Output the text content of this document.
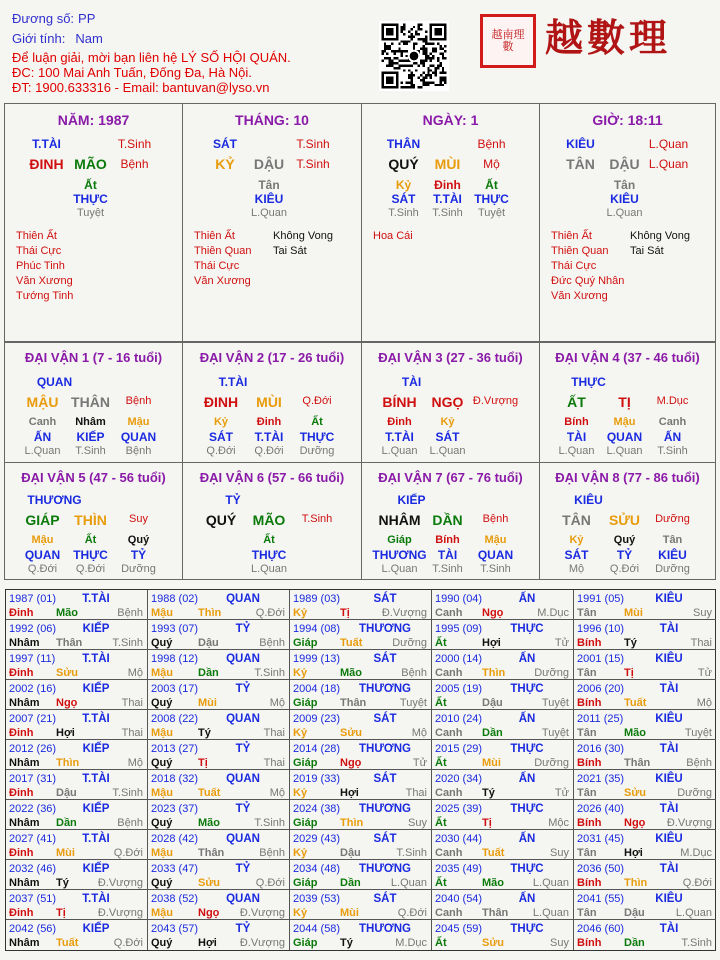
Đương số: PP
Giới tính: Nam
Để luận giải, mời bạn liên hệ LÝ SỐ HỘI QUÁN.
ĐC: 100 Mai Anh Tuấn, Đống Đa, Hà Nội.
ĐT: 1900.633316 - Email: bantuvan@lyso.vn
越南理數 越數理
NĂM: 1987
T.TÀI	T.Sinh
ĐINH MÃO Bệnh
Ất
THỰC
Tuyệt
Thiên Ất
Thái Cực
Phúc Tinh
Văn Xương
Tướng Tinh
THÁNG: 10
SÁT	T.Sinh
KỶ DẬU T.Sinh
Tân
KIÊU
L.Quan
Thiên Ất
Thiên Quan
Thái Cực
Văn Xương
Không Vong
Tai Sát
NGÀY: 1
THÂN	Bệnh
QUÝ MÙI Mộ
Kỷ
SÁT
T.Sinh
Đinh
T.TÀI
T.Sinh
Ất
THỰC
Tuyệt
Hoa Cái
GIỜ: 18:11
KIÊU	L.Quan
TÂN DẬU L.Quan
Tân
KIÊU
L.Quan
Thiên Ất
Thiên Quan
Thái Cực
Đức Quý Nhân
Văn Xương
Không Vong
Tai Sát
ĐẠI VẬN 1 (7 - 16 tuổi)
QUAN
MẬU THÂN Bệnh
Canh
ẤN
L.Quan
Nhâm
KIẾP
T.Sinh
Mậu
QUAN
Bệnh
ĐẠI VẬN 2 (17 - 26 tuổi)
T.TÀI
ĐINH MÙI Q.Đới
Kỷ
SÁT
Q.Đới
Đinh
T.TÀI
Q.Đới
Ất
THỰC
Dưỡng
ĐẠI VẬN 3 (27 - 36 tuổi)
TÀI
BÍNH NGỌ Đ.Vượng
Đinh
T.TÀI
L.Quan
Kỷ
SÁT
L.Quan
ĐẠI VẬN 4 (37 - 46 tuổi)
THỰC
ẤT TỊ M.Dục
Bính
TÀI
L.Quan
Mậu
QUAN
L.Quan
Canh
ẤN
T.Sinh
ĐẠI VẬN 5 (47 - 56 tuổi)
THƯƠNG
GIÁP THÌN Suy
Mậu
QUAN
Q.Đới
Ất
THỰC
Q.Đới
Quý
TỶ
Dưỡng
ĐẠI VẬN 6 (57 - 66 tuổi)
TỶ
QUÝ MÃO T.Sinh
Ất
THỰC
L.Quan
ĐẠI VẬN 7 (67 - 76 tuổi)
KIẾP
NHÂM DẦN Bệnh
Giáp
THƯƠNG
L.Quan
Bính
TÀI
T.Sinh
Mậu
QUAN
T.Sinh
ĐẠI VẬN 8 (77 - 86 tuổi)
KIÊU
TÂN SỬU Dưỡng
Kỷ
SÁT
Mộ
Quý
TỶ
Q.Đới
Tân
KIÊU
Dưỡng
1987 (01) T.TÀI
Đinh Mão	Bệnh
1988 (02) QUAN
Mậu Thìn	Q.Đới
1989 (03)	SÁT
Kỷ	Tị	Đ.Vượng
1990 (04)	ẤN
Canh Ngọ	M.Dục
1991 (05)	KIÊU
Tân Mùi	Suy
1992 (06) KIẾP
Nhâm Thân	T.Sinh
1993 (07)	TỶ
Quý Dậu	Bệnh
1994 (08) THƯƠNG
Giáp Tuất	Dưỡng
1995 (09) THỰC
Ất	Hợi	Tử
1996 (10)	TÀI
Bính Tý	Thai
1997 (11) T.TÀI
Đinh Sửu	Mộ
1998 (12) QUAN
Mậu Dần	T.Sinh
1999 (13)	SÁT
Kỷ	Mão	Bệnh
2000 (14)	ẤN
Canh Thìn	Dưỡng
2001 (15)	KIÊU
Tân Tị	Tử
2002 (16) KIẾP
Nhâm Ngọ	Thai
2003 (17)	TỶ
Quý Mùi	Mộ
2004 (18) THƯƠNG
Giáp Thân	Tuyệt
2005 (19) THỰC
Ất	Dậu	Tuyệt
2006 (20)	TÀI
Bính Tuất	Mộ
2007 (21) T.TÀI
Đinh Hợi	Thai
2008 (22) QUAN
Mậu Tý	Thai
2009 (23)	SÁT
Kỷ	Sửu	Mộ
2010 (24)	ẤN
Canh Dần	Tuyệt
2011 (25)	KIÊU
Tân Mão	Tuyệt
2012 (26) KIẾP
Nhâm Thìn	Mộ
2013 (27)	TỶ
Quý Tị	Thai
2014 (28) THƯƠNG
Giáp Ngọ	Tử
2015 (29) THỰC
Ất	Mùi	Dưỡng
2016 (30)	TÀI
Bính Thân	Bệnh
2017 (31) T.TÀI
Đinh Dậu	T.Sinh
2018 (32) QUAN
Mậu Tuất	Mộ
2019 (33)	SÁT
Kỷ	Hợi	Thai
2020 (34)	ẤN
Canh Tý	Tử
2021 (35)	KIÊU
Tân Sửu	Dưỡng
2022 (36) KIẾP
Nhâm Dần	Bệnh
2023 (37)	TỶ
Quý Mão	T.Sinh
2024 (38) THƯƠNG
Giáp Thìn	Suy
2025 (39) THỰC
Ất	Tị	Mộc
2026 (40)	TÀI
Bính Ngọ Đ.Vượng
2027 (41) T.TÀI
Đinh Mùi	Q.Đới
2028 (42) QUAN
Mậu Thân	Bệnh
2029 (43)	SÁT
Kỷ	Dậu	T.Sinh
2030 (44)	ẤN
Canh Tuất	Suy
2031 (45)	KIÊU
Tân Hợi	M.Dục
2032 (46) KIẾP
Nhâm Tý	Đ.Vượng
2033 (47)	TỶ
Quý Sửu	Q.Đới
2034 (48) THƯƠNG
Giáp Dần	L.Quan
2035 (49) THỰC
Ất	Mão	L.Quan
2036 (50)	TÀI
Bính Thìn	Q.Đới
2037 (51) T.TÀI
Đinh Tị	Đ.Vượng
2038 (52) QUAN
Mậu Ngọ Đ.Vượng
2039 (53)	SÁT
Kỷ	Mùi	Q.Đới
2040 (54)	ẤN
Canh Thân L.Quan
2041 (55)	KIÊU
Tân Dậu	L.Quan
2042 (56) KIẾP
Nhâm Tuất	Q.Đới
2043 (57)	TỶ
Quý Hợi Đ.Vượng
2044 (58) THƯƠNG
Giáp Tý	M.Dục
2045 (59) THỰC
Ất	Sửu	Suy
2046 (60)	TÀI
Bính Dần	T.Sinh
